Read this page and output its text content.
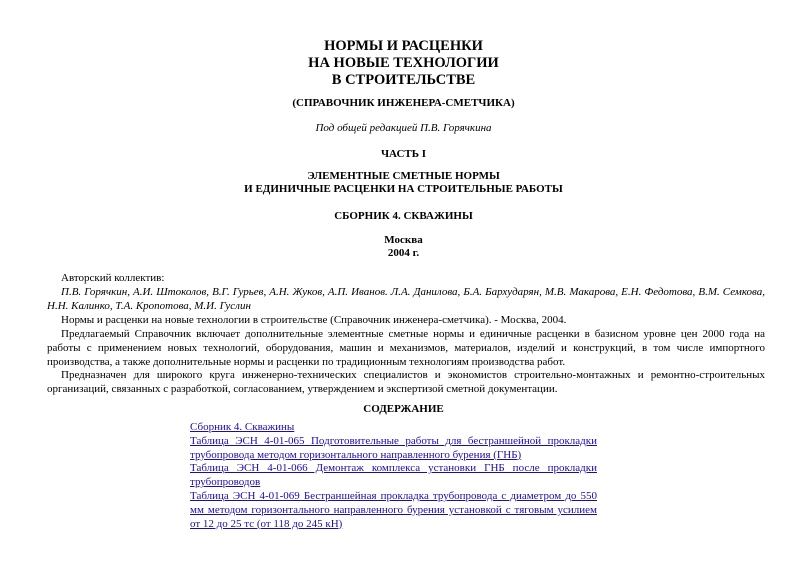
НОРМЫ И РАСЦЕНКИ
НА НОВЫЕ ТЕХНОЛОГИИ
В СТРОИТЕЛЬСТВЕ
(СПРАВОЧНИК ИНЖЕНЕРА-СМЕТЧИКА)
Под общей редакцией П.В. Горячкина
ЧАСТЬ I
ЭЛЕМЕНТНЫЕ СМЕТНЫЕ НОРМЫ
И ЕДИНИЧНЫЕ РАСЦЕНКИ НА СТРОИТЕЛЬНЫЕ РАБОТЫ
СБОРНИК 4. СКВАЖИНЫ
Москва
2004 г.
Авторский коллектив:
П.В. Горячкин, А.И. Штоколов, В.Г. Гурьев, А.Н. Жуков, А.П. Иванов. Л.А. Данилова, Б.А. Бархударян, М.В. Макарова, Е.Н. Федотова, В.М. Семкова, Н.Н. Калинко, Т.А. Кропотова, М.И. Гуслин
Нормы и расценки на новые технологии в строительстве (Справочник инженера-сметчика). - Москва, 2004.
Предлагаемый Справочник включает дополнительные элементные сметные нормы и единичные расценки в базисном уровне цен 2000 года на работы с применением новых технологий, оборудования, машин и механизмов, материалов, изделий и конструкций, в том числе импортного производства, а также дополнительные нормы и расценки по традиционным технологиям производства работ.
Предназначен для широкого круга инженерно-технических специалистов и экономистов строительно-монтажных и ремонтно-строительных организаций, связанных с разработкой, согласованием, утверждением и экспертизой сметной документации.
СОДЕРЖАНИЕ
Сборник 4. Скважины
Таблица ЭСН 4-01-065 Подготовительные работы для бестраншейной прокладки трубопровода методом горизонтального направленного бурения (ГНБ)
Таблица ЭСН 4-01-066 Демонтаж комплекса установки ГНБ после прокладки трубопроводов
Таблица ЭСН 4-01-069 Бестраншейная прокладка трубопровода с диаметром до 550 мм методом горизонтального направленного бурения установкой с тяговым усилием от 12 до 25 тс (от 118 до 245 кН)
